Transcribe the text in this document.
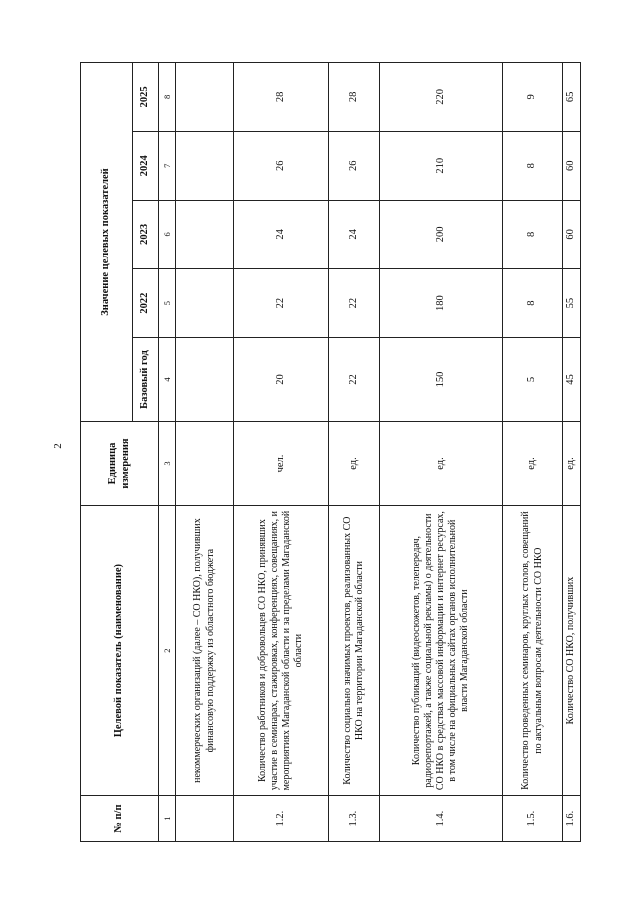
2
№ п/п	Целевой показатель (наименование)	Единица измерения	Значение целевых показателей				
			Базовый год	2022	2023	2024	2025
1	2	3	4	5	6	7	8
	некоммерческих организаций (далее – СО НКО), получивших финансовую поддержку из областного бюджета						
1.2.	Количество работников и добровольцев СО НКО, принявших участие в семинарах, стажировках, конференциях, совещаниях, и мероприятиях Магаданской области и за пределами Магаданской области	чел.	20	22	24	26	28
1.3.	Количество социально значимых проектов, реализованных СО НКО на территории Магаданской области	ед.	22	22	24	26	28
1.4.	Количество публикаций (видеосюжетов, телепередач, радиорепортажей, а также социальной рекламы) о деятельности СО НКО в средствах массовой информации и интернет ресурсах, в том числе на официальных сайтах органов исполнительной власти Магаданской области	ед.	150	180	200	210	220
1.5.	Количество проведенных семинаров, круглых столов, совещаний по актуальным вопросам деятельности СО НКО	ед.	5	8	8	8	9
1.6.	Количество СО НКО, получивших	ед.	45	55	60	60	65
